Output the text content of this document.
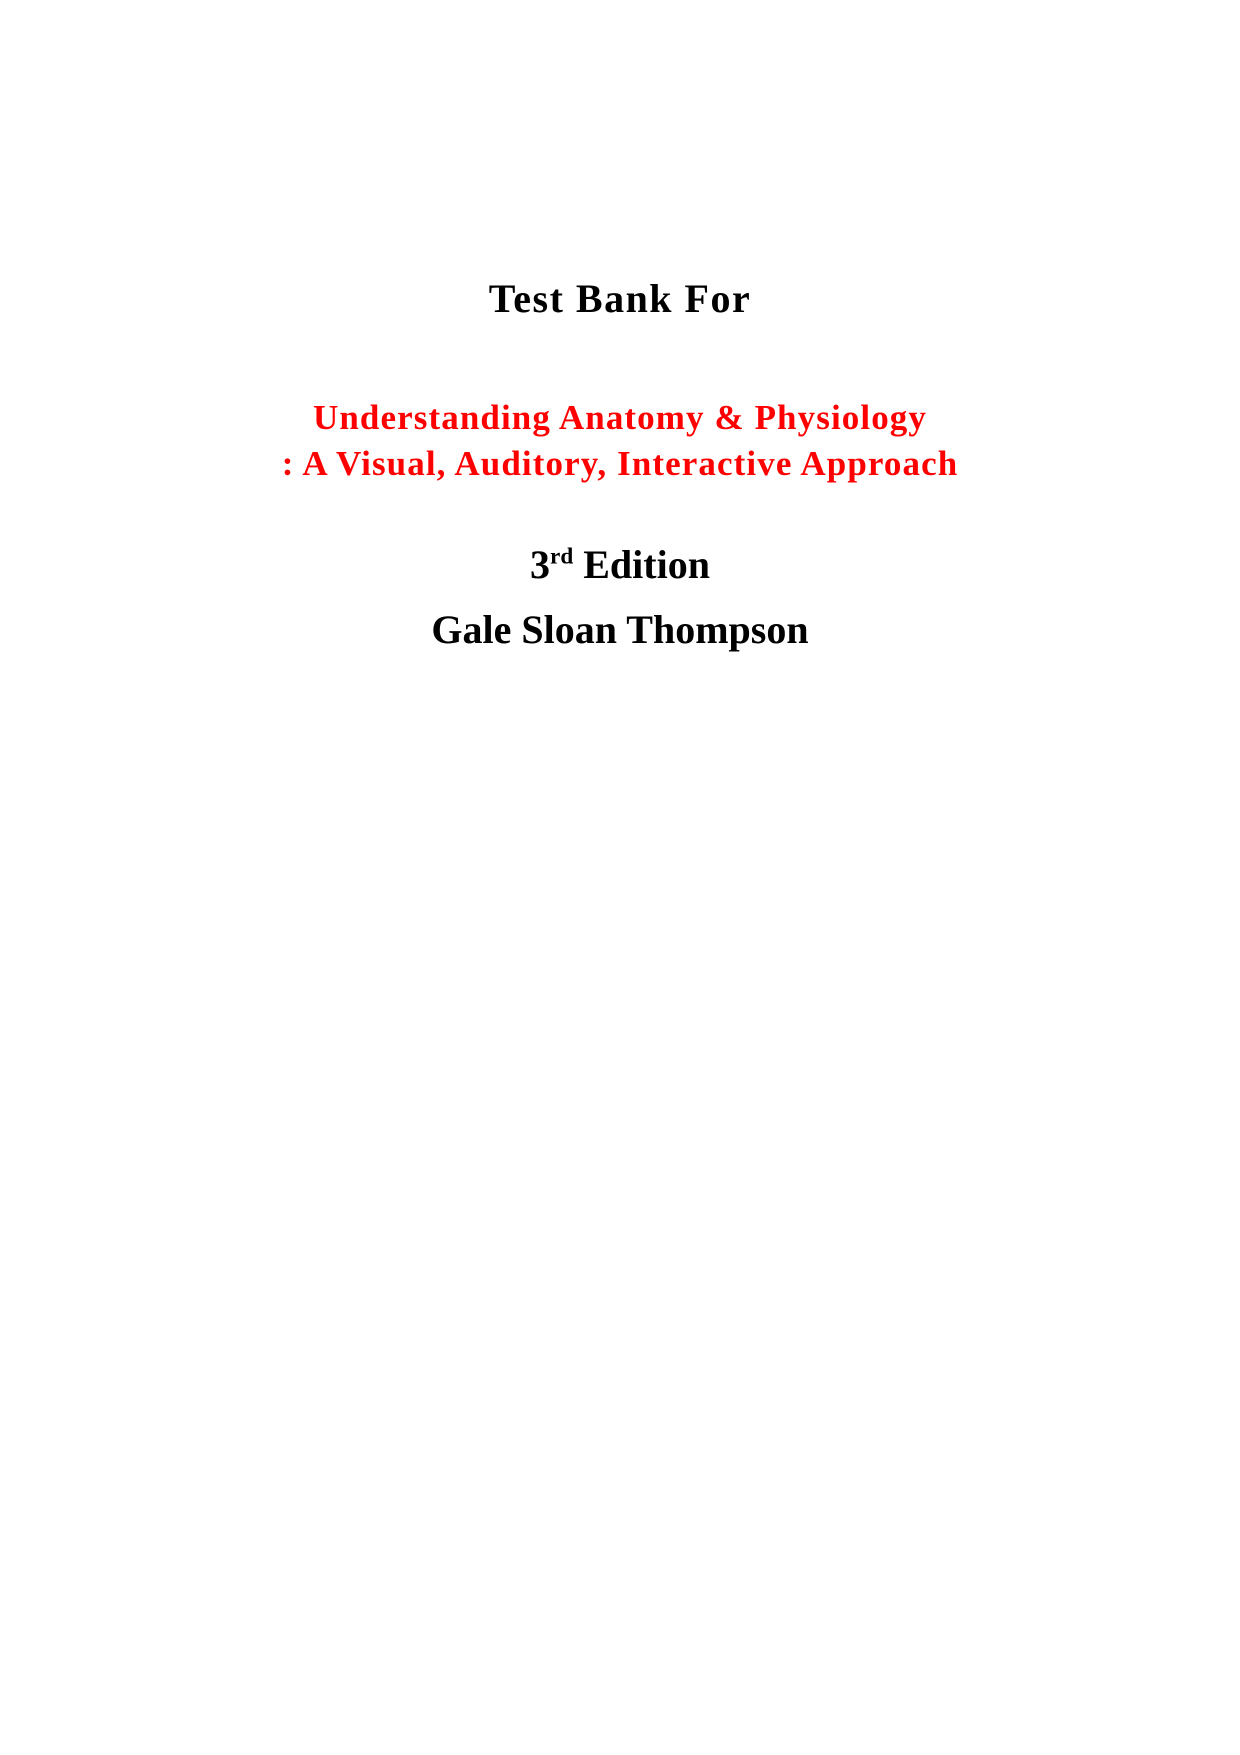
Test Bank For

Understanding Anatomy & Physiology

: A Visual, Auditory, Interactive Approach

3rd Edition

Gale Sloan Thompson
